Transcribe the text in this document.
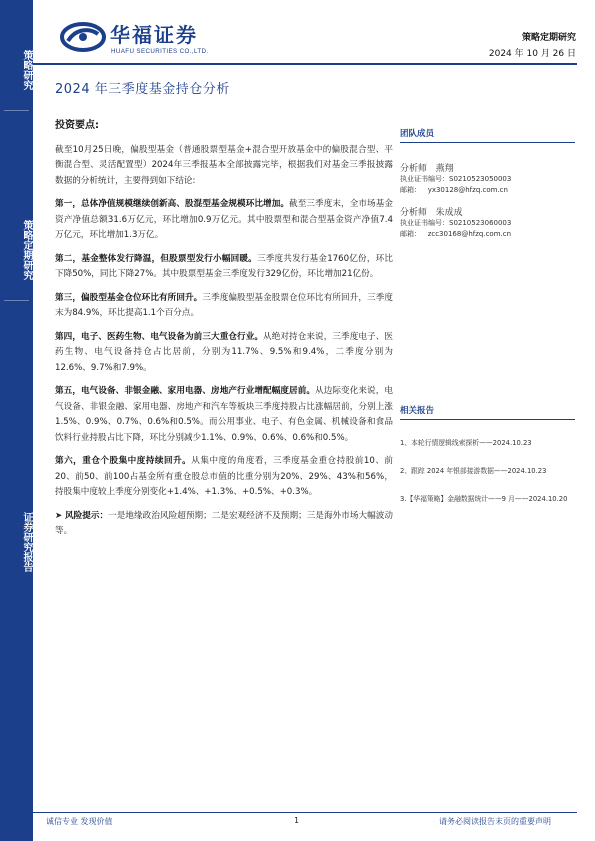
策略研究
策略定期研究
证券研究报告
华福证券
HUAFU SECURITIES CO.,LTD.
策略定期研究
2024 年 10 月 26 日
2024 年三季度基金持仓分析
投资要点:

截至10月25日晚，偏股型基金（普通股票型基金+混合型开放基金中的偏股混合型、平衡混合型、灵活配置型）2024年三季报基本全部披露完毕，根据我们对基金三季报披露数据的分析统计，主要得到如下结论:

第一，总体净值规模继续创新高、股混型基金规模环比增加。截至三季度末，全市场基金资产净值总额31.6万亿元，环比增加0.9万亿元。其中股票型和混合型基金资产净值7.4万亿元，环比增加1.3万亿。

第二，基金整体发行降温，但股票型发行小幅回暖。三季度共发行基金1760亿份，环比下降50%，同比下降27%。其中股票型基金三季度发行329亿份，环比增加21亿份。

第三，偏股型基金仓位环比有所回升。三季度偏股型基金股票仓位环比有所回升，三季度末为84.9%，环比提高1.1个百分点。

第四，电子、医药生物、电气设备为前三大重仓行业。从绝对持仓来说，三季度电子、医药生物、电气设备持仓占比居前，分别为11.7%、9.5%和9.4%，二季度分别为12.6%、9.7%和7.9%。

第五，电气设备、非银金融、家用电器、房地产行业增配幅度居前。从边际变化来说，电气设备、非银金融、家用电器、房地产和汽车等板块三季度持股占比涨幅居前，分别上涨1.5%、0.9%、0.7%、0.6%和0.5%。而公用事业、电子、有色金属、机械设备和食品饮料行业持股占比下降，环比分别减少1.1%、0.9%、0.6%、0.6%和0.5%。

第六，重仓个股集中度持续回升。从集中度的角度看，三季度基金重仓持股前10、前20、前50、前100占基金所有重仓股总市值的比重分别为20%、29%、43%和56%，持股集中度较上季度分别变化+1.4%、+1.3%、+0.5%、+0.3%。

➤ 风险提示：一是地缘政治风险超预期；二是宏观经济不及预期；三是海外市场大幅波动等。

团队成员
分析师 燕翔
执业证书编号：S0210523050003
邮箱： yx30128@hfzq.com.cn
分析师 朱成成
执业证书编号：S0210523060003
邮箱： zcc30168@hfzq.com.cn
相关报告
1、本轮行情逻辑线索探析——2024.10.23
2、跟踪 2024 年银部接游数据——2024.10.23
3.【华福策略】金融数据统计——9 月——2024.10.20
诚信专业 发现价值	1	请务必阅读报告末页的重要声明
